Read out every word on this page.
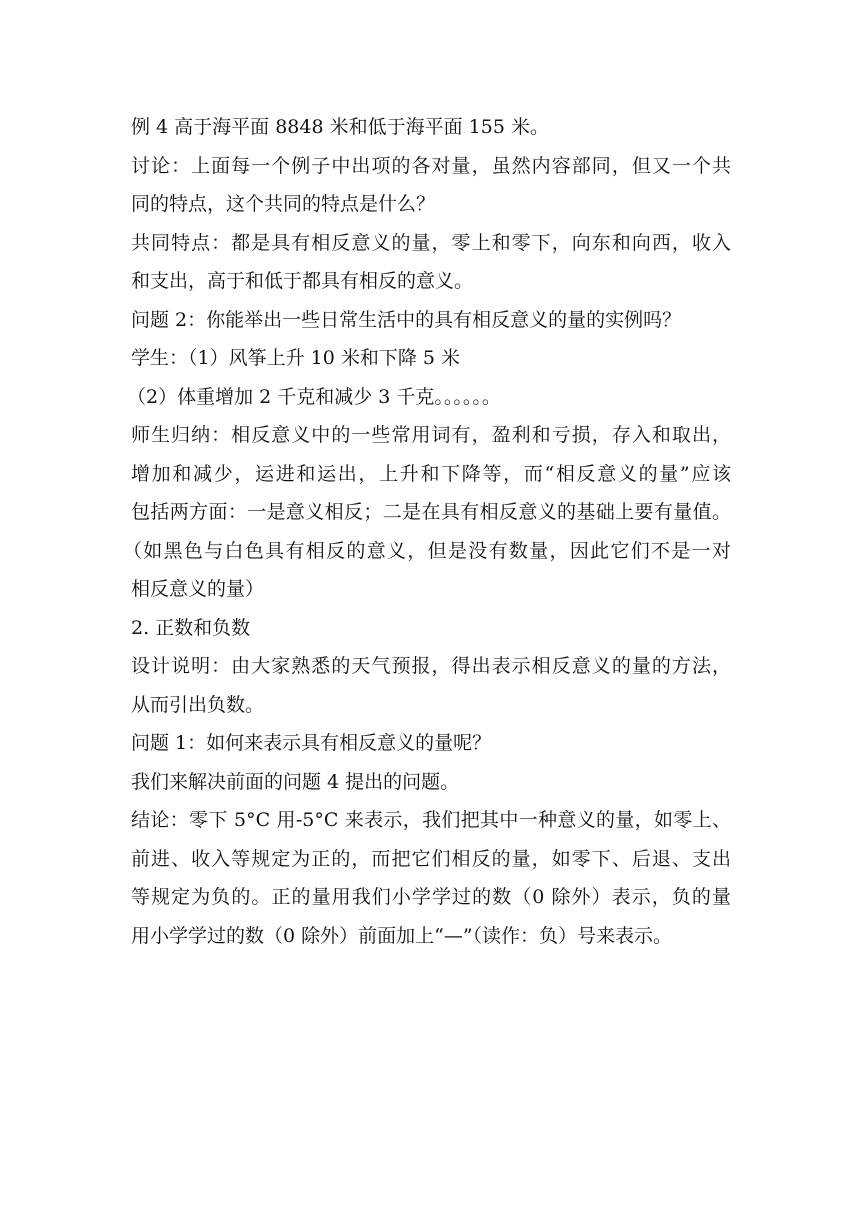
例 4 高于海平面 8848 米和低于海平面 155 米。
讨论：上面每一个例子中出项的各对量，虽然内容部同，但又一个共
同的特点，这个共同的特点是什么？
共同特点：都是具有相反意义的量，零上和零下，向东和向西，收入
和支出，高于和低于都具有相反的意义。
问题 2：你能举出一些日常生活中的具有相反意义的量的实例吗？
学生：（1）风筝上升 10 米和下降 5 米
（2）体重增加 2 千克和减少 3 千克。。。。。。
师生归纳：相反意义中的一些常用词有，盈利和亏损，存入和取出，
增加和减少，运进和运出，上升和下降等，而“相反意义的量”应该
包括两方面：一是意义相反；二是在具有相反意义的基础上要有量值。
（如黑色与白色具有相反的意义，但是没有数量，因此它们不是一对
相反意义的量）
2. 正数和负数
设计说明：由大家熟悉的天气预报，得出表示相反意义的量的方法，
从而引出负数。
问题 1：如何来表示具有相反意义的量呢？
我们来解决前面的问题 4 提出的问题。
结论：零下 5°C 用-5°C 来表示，我们把其中一种意义的量，如零上、
前进、收入等规定为正的，而把它们相反的量，如零下、后退、支出
等规定为负的。正的量用我们小学学过的数（0 除外）表示，负的量
用小学学过的数（0 除外）前面加上“—”（读作：负）号来表示。
